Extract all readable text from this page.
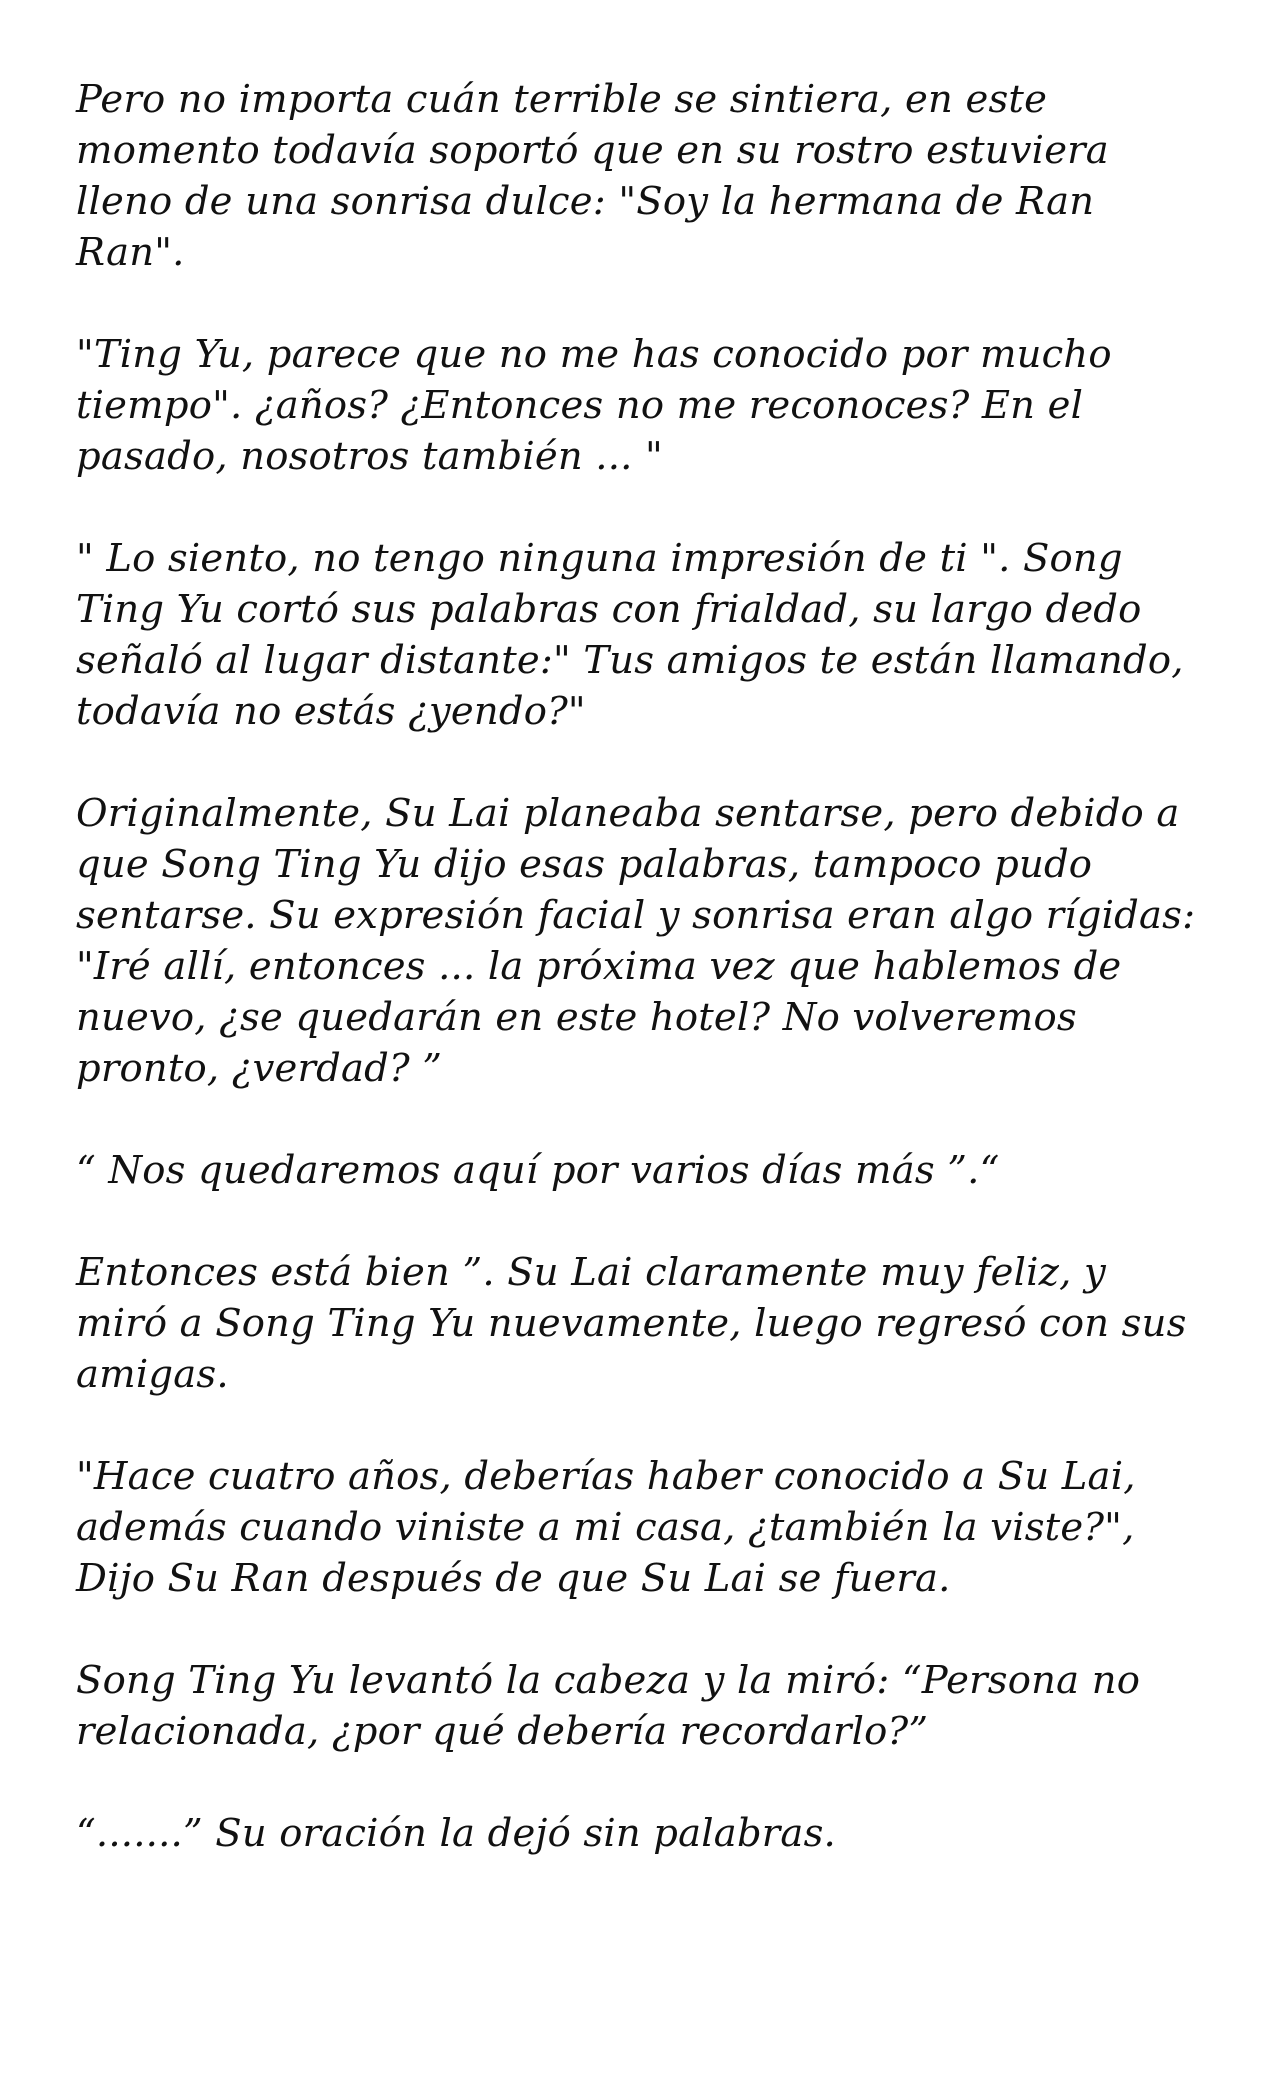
Pero no importa cuán terrible se sintiera, en este momento todavía soportó que en su rostro estuviera lleno de una sonrisa dulce: "Soy la hermana de Ran Ran".

"Ting Yu, parece que no me has conocido por mucho tiempo". ¿años? ¿Entonces no me reconoces? En el pasado, nosotros también ... "

" Lo siento, no tengo ninguna impresión de ti ". Song Ting Yu cortó sus palabras con frialdad, su largo dedo señaló al lugar distante:" Tus amigos te están llamando, todavía no estás ¿yendo?"

Originalmente, Su Lai planeaba sentarse, pero debido a que Song Ting Yu dijo esas palabras, tampoco pudo sentarse. Su expresión facial y sonrisa eran algo rígidas: "Iré allí, entonces ... la próxima vez que hablemos de nuevo, ¿se quedarán en este hotel? No volveremos pronto, ¿verdad? ”

“ Nos quedaremos aquí por varios días más ”.“

Entonces está bien ”. Su Lai claramente muy feliz, y miró a Song Ting Yu nuevamente, luego regresó con sus amigas.

"Hace cuatro años, deberías haber conocido a Su Lai, además cuando viniste a mi casa, ¿también la viste?", Dijo Su Ran después de que Su Lai se fuera.

Song Ting Yu levantó la cabeza y la miró: “Persona no relacionada, ¿por qué debería recordarlo?”

“.......” Su oración la dejó sin palabras.
